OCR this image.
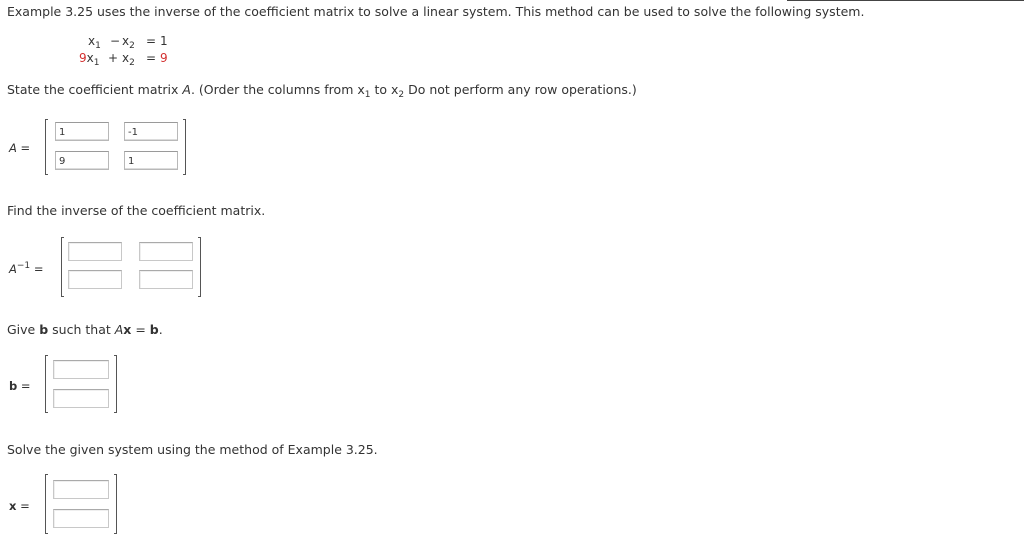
Example 3.25 uses the inverse of the coefficient matrix to solve a linear system. This method can be used to solve the following system.
$x_1 - x_2 = 1$
$9x_1 + x_2 = 9$
State the coefficient matrix A. (Order the columns from $x_1$ to $x_2$ Do not perform any row operations.)
A =
1
-1
9
1
Find the inverse of the coefficient matrix.
$A^{-1}$ =
Give b such that Ax = b.
b =
Solve the given system using the method of Example 3.25.
x =
